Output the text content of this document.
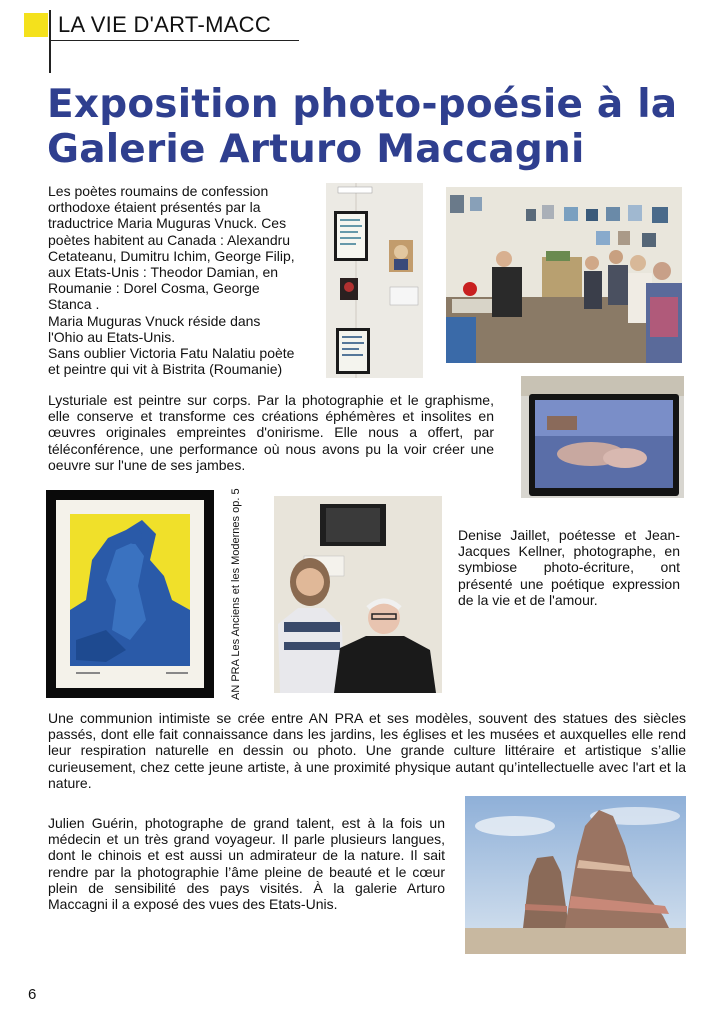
LA VIE D'ART-MACC
Exposition photo-poésie à la
Galerie Arturo Maccagni
Les poètes roumains de confession
orthodoxe étaient présentés par la
traductrice Maria Muguras Vnuck. Ces
poètes habitent au Canada : Alexandru
Cetateanu, Dumitru Ichim, George Filip,
aux Etats-Unis : Theodor Damian, en
Roumanie : Dorel Cosma, George
Stanca .
Maria Muguras Vnuck réside dans
l'Ohio au Etats-Unis.
Sans oublier Victoria Fatu Nalatiu poète
et peintre qui vit à Bistrita (Roumanie)
Lysturiale est peintre sur corps. Par la photographie et le graphisme, elle conserve et transforme ces créations éphémères et insolites en œuvres originales empreintes d'onirisme. Elle nous a offert, par téléconférence, une performance où nous avons pu la voir créer une oeuvre sur l'une de ses jambes.
AN PRA Les Anciens et les Modernes op. 5	Denise Jaillet, poétesse et Jean-Jacques Kellner, photographe, en symbiose photo-écriture, ont présenté une poétique expression de la vie et de l'amour.
Une communion intimiste se crée entre AN PRA et ses modèles, souvent des statues des siècles passés, dont elle fait connaissance dans les jardins, les églises et les musées et auxquelles elle rend leur respiration naturelle en dessin ou photo. Une grande culture littéraire et artistique s’allie curieusement, chez cette jeune artiste, à une proximité physique autant qu’intellectuelle avec l'art et la nature.
Julien Guérin, photographe de grand talent, est à la fois un médecin et un très grand voyageur. Il parle plusieurs langues, dont le chinois et est aussi un admirateur de la nature. Il sait rendre par la photographie l’âme pleine de beauté et le cœur plein de sensibilité des pays visités. À la galerie Arturo Maccagni il a exposé des vues des Etats-Unis.
6
